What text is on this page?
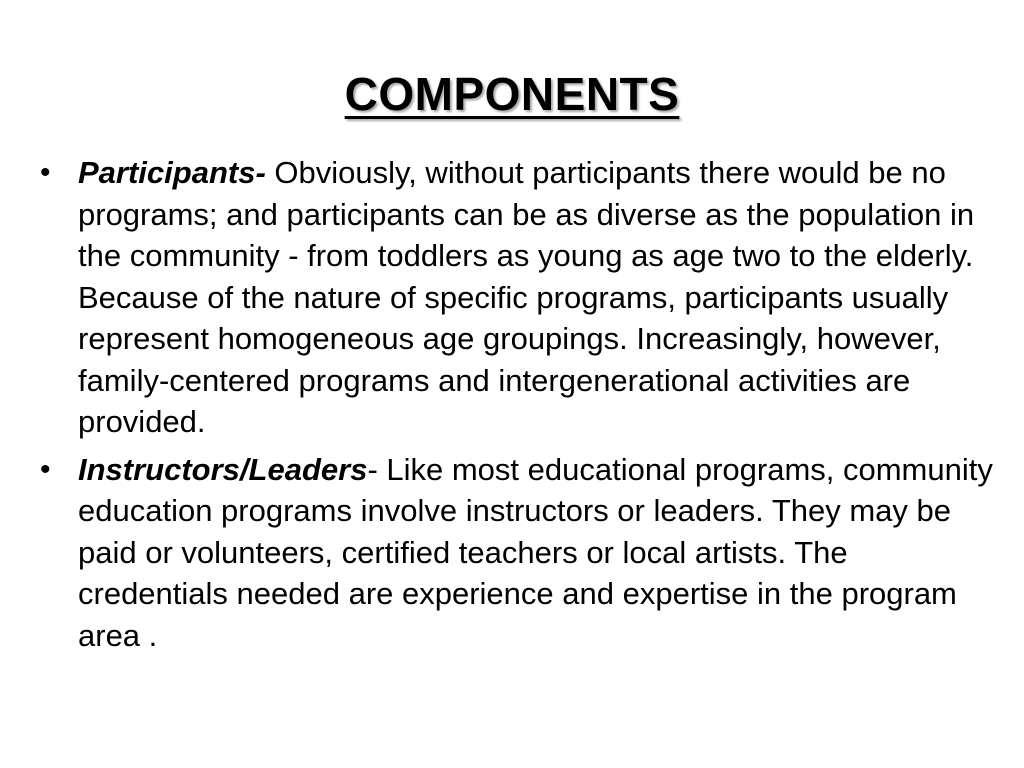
COMPONENTS
• Participants- Obviously, without participants there would be no programs; and participants can be as diverse as the population in the community - from toddlers as young as age two to the elderly. Because of the nature of specific programs, participants usually represent homogeneous age groupings. Increasingly, however, family-centered programs and intergenerational activities are provided.
• Instructors/Leaders- Like most educational programs, community education programs involve instructors or leaders. They may be paid or volunteers, certified teachers or local artists. The credentials needed are experience and expertise in the program area .
